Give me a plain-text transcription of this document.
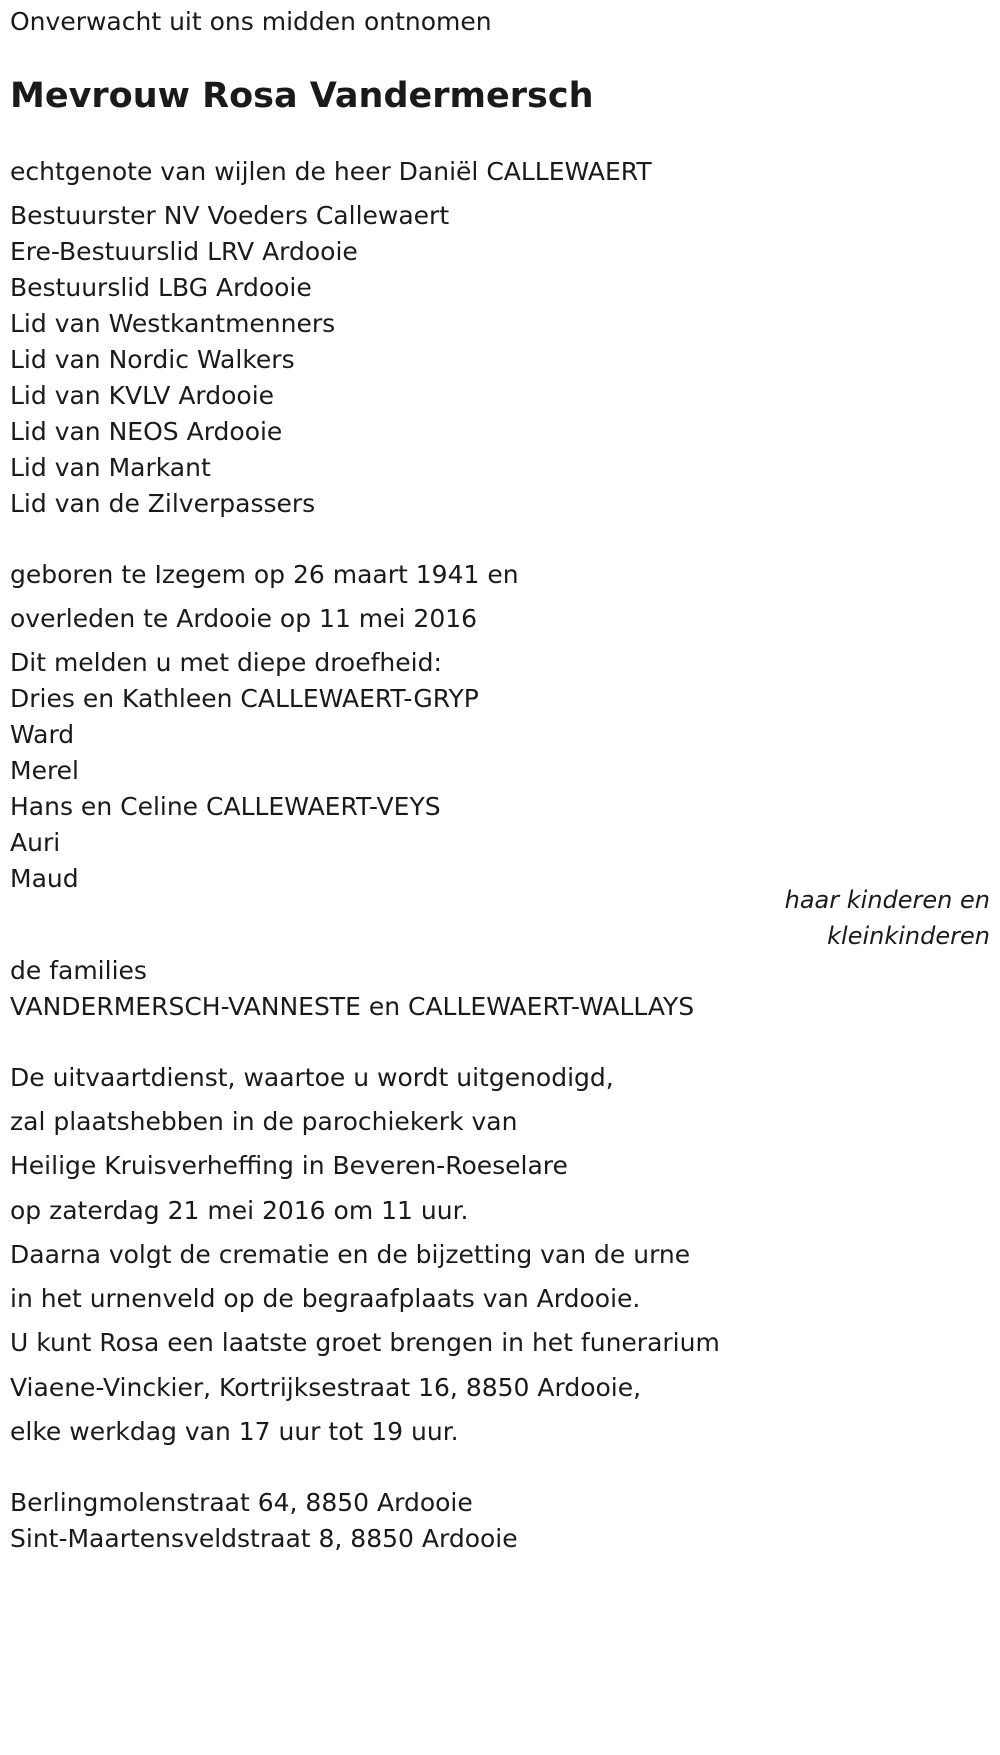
Onverwacht uit ons midden ontnomen
Mevrouw Rosa Vandermersch
echtgenote van wijlen de heer Daniël CALLEWAERT
Bestuurster NV Voeders Callewaert
Ere-Bestuurslid LRV Ardooie
Bestuurslid LBG Ardooie
Lid van Westkantmenners
Lid van Nordic Walkers
Lid van KVLV Ardooie
Lid van NEOS Ardooie
Lid van Markant
Lid van de Zilverpassers
geboren te Izegem op 26 maart 1941 en
overleden te Ardooie op 11 mei 2016
Dit melden u met diepe droefheid:
Dries en Kathleen CALLEWAERT-GRYP
Ward
Merel
Hans en Celine CALLEWAERT-VEYS
Auri
Maud
haar kinderen en
kleinkinderen
de families
VANDERMERSCH-VANNESTE en CALLEWAERT-WALLAYS
De uitvaartdienst, waartoe u wordt uitgenodigd,
zal plaatshebben in de parochiekerk van
Heilige Kruisverheffing in Beveren-Roeselare
op zaterdag 21 mei 2016 om 11 uur.
Daarna volgt de crematie en de bijzetting van de urne
in het urnenveld op de begraafplaats van Ardooie.
U kunt Rosa een laatste groet brengen in het funerarium
Viaene-Vinckier, Kortrijksestraat 16, 8850 Ardooie,
elke werkdag van 17 uur tot 19 uur.
Berlingmolenstraat 64, 8850 Ardooie
Sint-Maartensveldstraat 8, 8850 Ardooie
